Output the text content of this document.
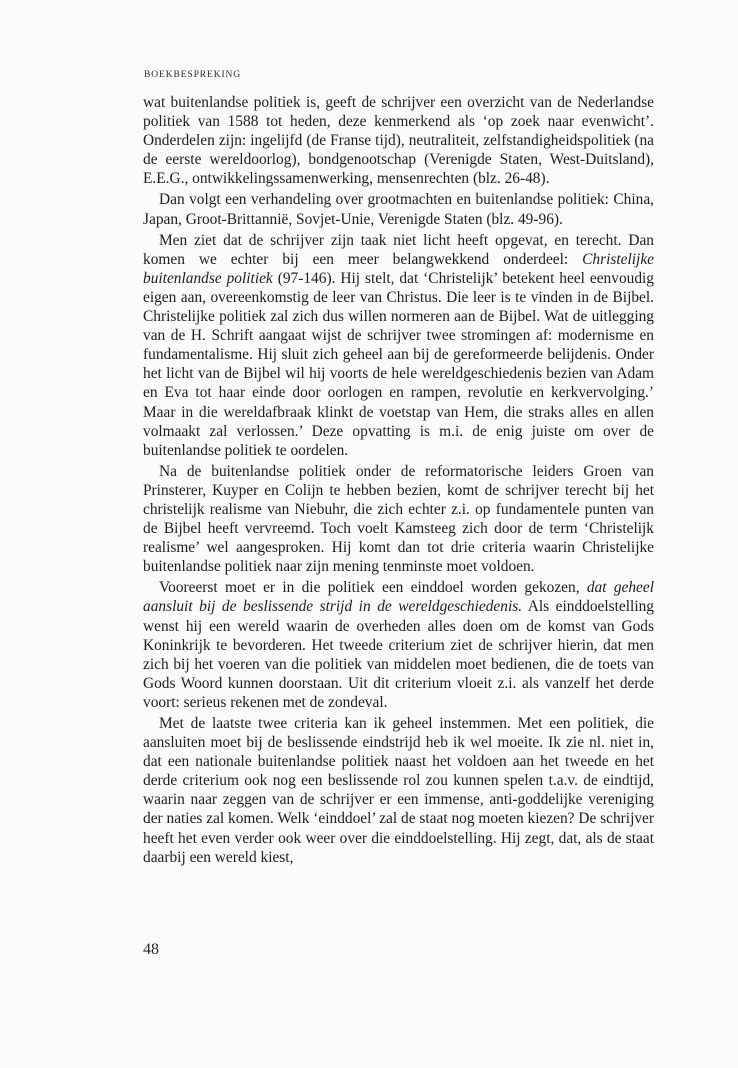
BOEKBESPREKING

wat buitenlandse politiek is, geeft de schrijver een overzicht van de Nederlandse politiek van 1588 tot heden, deze kenmerkend als ‘op zoek naar evenwicht’. Onderdelen zijn: ingelijfd (de Franse tijd), neutraliteit, zelfstandigheidspolitiek (na de eerste wereldoorlog), bondgenootschap (Verenigde Staten, West-Duitsland), E.E.G., ontwikkelingssamenwerking, mensenrechten (blz. 26-48).

Dan volgt een verhandeling over grootmachten en buitenlandse politiek: China, Japan, Groot-Brittannië, Sovjet-Unie, Verenigde Staten (blz. 49-96).

Men ziet dat de schrijver zijn taak niet licht heeft opgevat, en terecht. Dan komen we echter bij een meer belangwekkend onderdeel: Christelijke buitenlandse politiek (97-146). Hij stelt, dat ‘Christelijk’ betekent heel eenvoudig eigen aan, overeenkomstig de leer van Christus. Die leer is te vinden in de Bijbel. Christelijke politiek zal zich dus willen normeren aan de Bijbel. Wat de uitlegging van de H. Schrift aangaat wijst de schrijver twee stromingen af: modernisme en fundamentalisme. Hij sluit zich geheel aan bij de gereformeerde belijdenis. Onder het licht van de Bijbel wil hij voorts de hele wereldgeschiedenis bezien van Adam en Eva tot haar einde door oorlogen en rampen, revolutie en kerkvervolging.’ Maar in die wereldafbraak klinkt de voetstap van Hem, die straks alles en allen volmaakt zal verlossen.’ Deze opvatting is m.i. de enig juiste om over de buitenlandse politiek te oordelen.

Na de buitenlandse politiek onder de reformatorische leiders Groen van Prinsterer, Kuyper en Colijn te hebben bezien, komt de schrijver terecht bij het christelijk realisme van Niebuhr, die zich echter z.i. op fundamentele punten van de Bijbel heeft vervreemd. Toch voelt Kamsteeg zich door de term ‘Christelijk realisme’ wel aangesproken. Hij komt dan tot drie criteria waarin Christelijke buitenlandse politiek naar zijn mening tenminste moet voldoen.

Vooreerst moet er in die politiek een einddoel worden gekozen, dat geheel aansluit bij de beslissende strijd in de wereldgeschiedenis. Als einddoelstelling wenst hij een wereld waarin de overheden alles doen om de komst van Gods Koninkrijk te bevorderen. Het tweede criterium ziet de schrijver hierin, dat men zich bij het voeren van die politiek van middelen moet bedienen, die de toets van Gods Woord kunnen doorstaan. Uit dit criterium vloeit z.i. als vanzelf het derde voort: serieus rekenen met de zondeval.

Met de laatste twee criteria kan ik geheel instemmen. Met een politiek, die aansluiten moet bij de beslissende eindstrijd heb ik wel moeite. Ik zie nl. niet in, dat een nationale buitenlandse politiek naast het voldoen aan het tweede en het derde criterium ook nog een beslissende rol zou kunnen spelen t.a.v. de eindtijd, waarin naar zeggen van de schrijver er een immense, anti-goddelijke vereniging der naties zal komen. Welk ‘einddoel’ zal de staat nog moeten kiezen? De schrijver heeft het even verder ook weer over die einddoelstelling. Hij zegt, dat, als de staat daarbij een wereld kiest,

48
